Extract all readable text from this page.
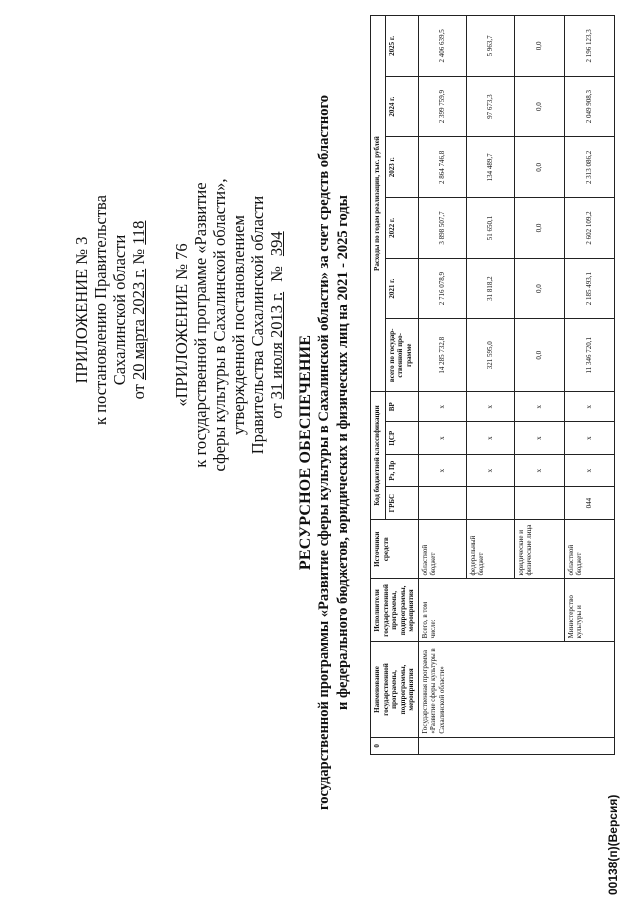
ПРИЛОЖЕНИЕ № 3 к постановлению Правительства Сахалинской области
от 20 марта 2023 г. № 118
«ПРИЛОЖЕНИЕ № 76 к государственной программе «Развитие сферы культуры в Сахалинской области», утвержденной постановлением Правительства Сахалинской области от 31 июля 2013 г.№394
РЕСУРСНОЕ ОБЕСПЕЧЕНИЕ государственной программы «Развитие сферы культуры в Сахалинской области» за счет средств областного и федерального бюджетов, юридических и физических лиц на 2021 - 2025 годы
0	Наименование государственной программы, подпрограммы, мероприятия	Исполнители государственной программы, подпрограммы, мероприятия	Источники средств	Код бюджетной классификации				Расходы по годам реализации, тыс. рублей					
				ГРБС	Рз, Пр	ЦСР	ВР	всего по государ-ственной про-грамме	2021 г.	2022 г.	2023 г.	2024 г.	2025 г.
	Государственная программа «Развитие сферы культуры в Сахалинской области»	Всего, в том числе:	областной бюджет		х	х	х	14 285 732,8	2 716 078,9	3 898 507,7	2 864 746,8	2 399 759,9	2 406 639,5
			федеральный бюджет		х	х	х	321 595,0	31 818,2	51 650,1	134 489,7	97 673,3	5 963,7
			юридические и физические лица		х	х	х	0,0	0,0	0,0	0,0	0,0	0,0
		Министерство культуры и	областной бюджет	044	х	х	х	11 346 720,1	2 185 493,1	2 602 109,2	2 313 086,2	2 049 908,3	2 196 123,3
00138(п)(Версия)
